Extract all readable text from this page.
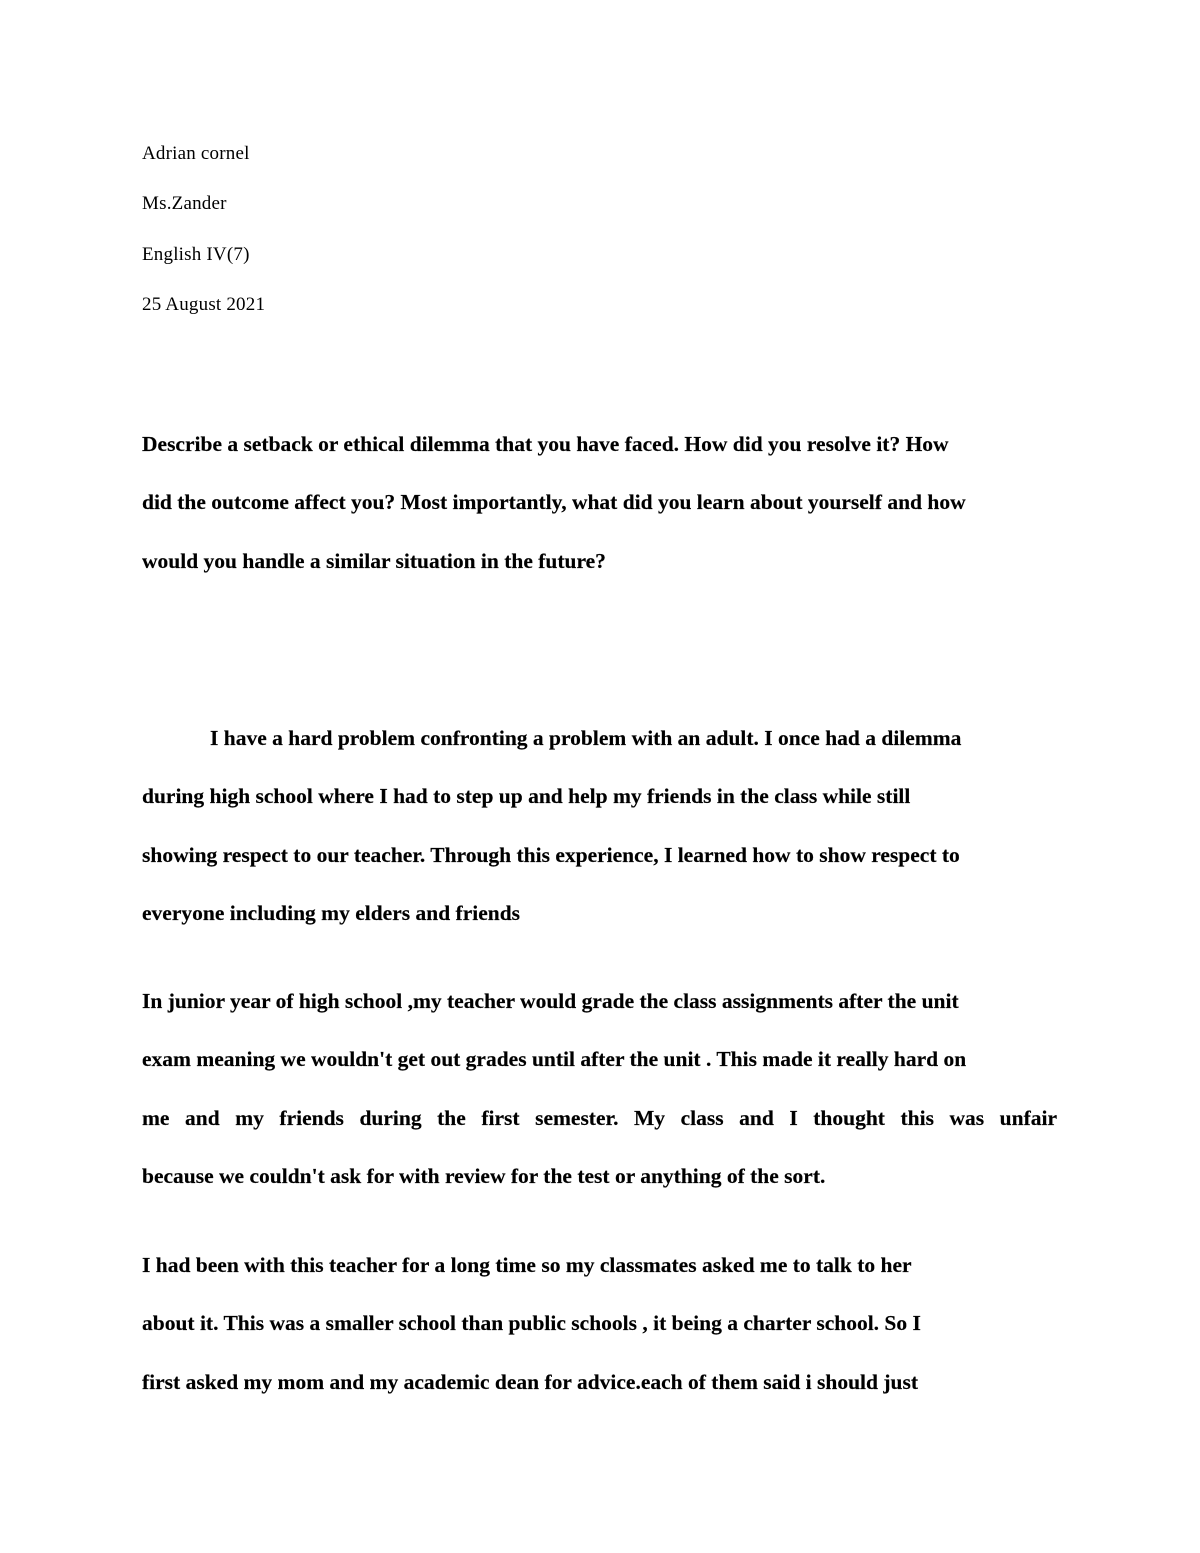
Adrian cornel
Ms.Zander
English IV(7)
25 August 2021
Describe a setback or ethical dilemma that you have faced. How did you resolve it? How
did the outcome affect you? Most importantly, what did you learn about yourself and how
would you handle a similar situation in the future?
I have a hard problem confronting a problem with an adult. I once had a dilemma
during high school where I had to step up and help my friends in the class while still
showing respect to our teacher. Through this experience, I learned how to show respect to
everyone including my elders and friends
In junior year of high school ,my teacher would grade the class assignments after the unit
exam meaning we wouldn't get out grades until after the unit . This made it really hard on
me and my friends during the first semester. My class and I thought this was unfair
because we couldn't ask for with review for the test or anything of the sort.
I had been with this teacher for a long time so my classmates asked me to talk to her
about it. This was a smaller school than public schools , it being a charter school. So I
first asked my mom and my academic dean for advice.each of them said i should just
